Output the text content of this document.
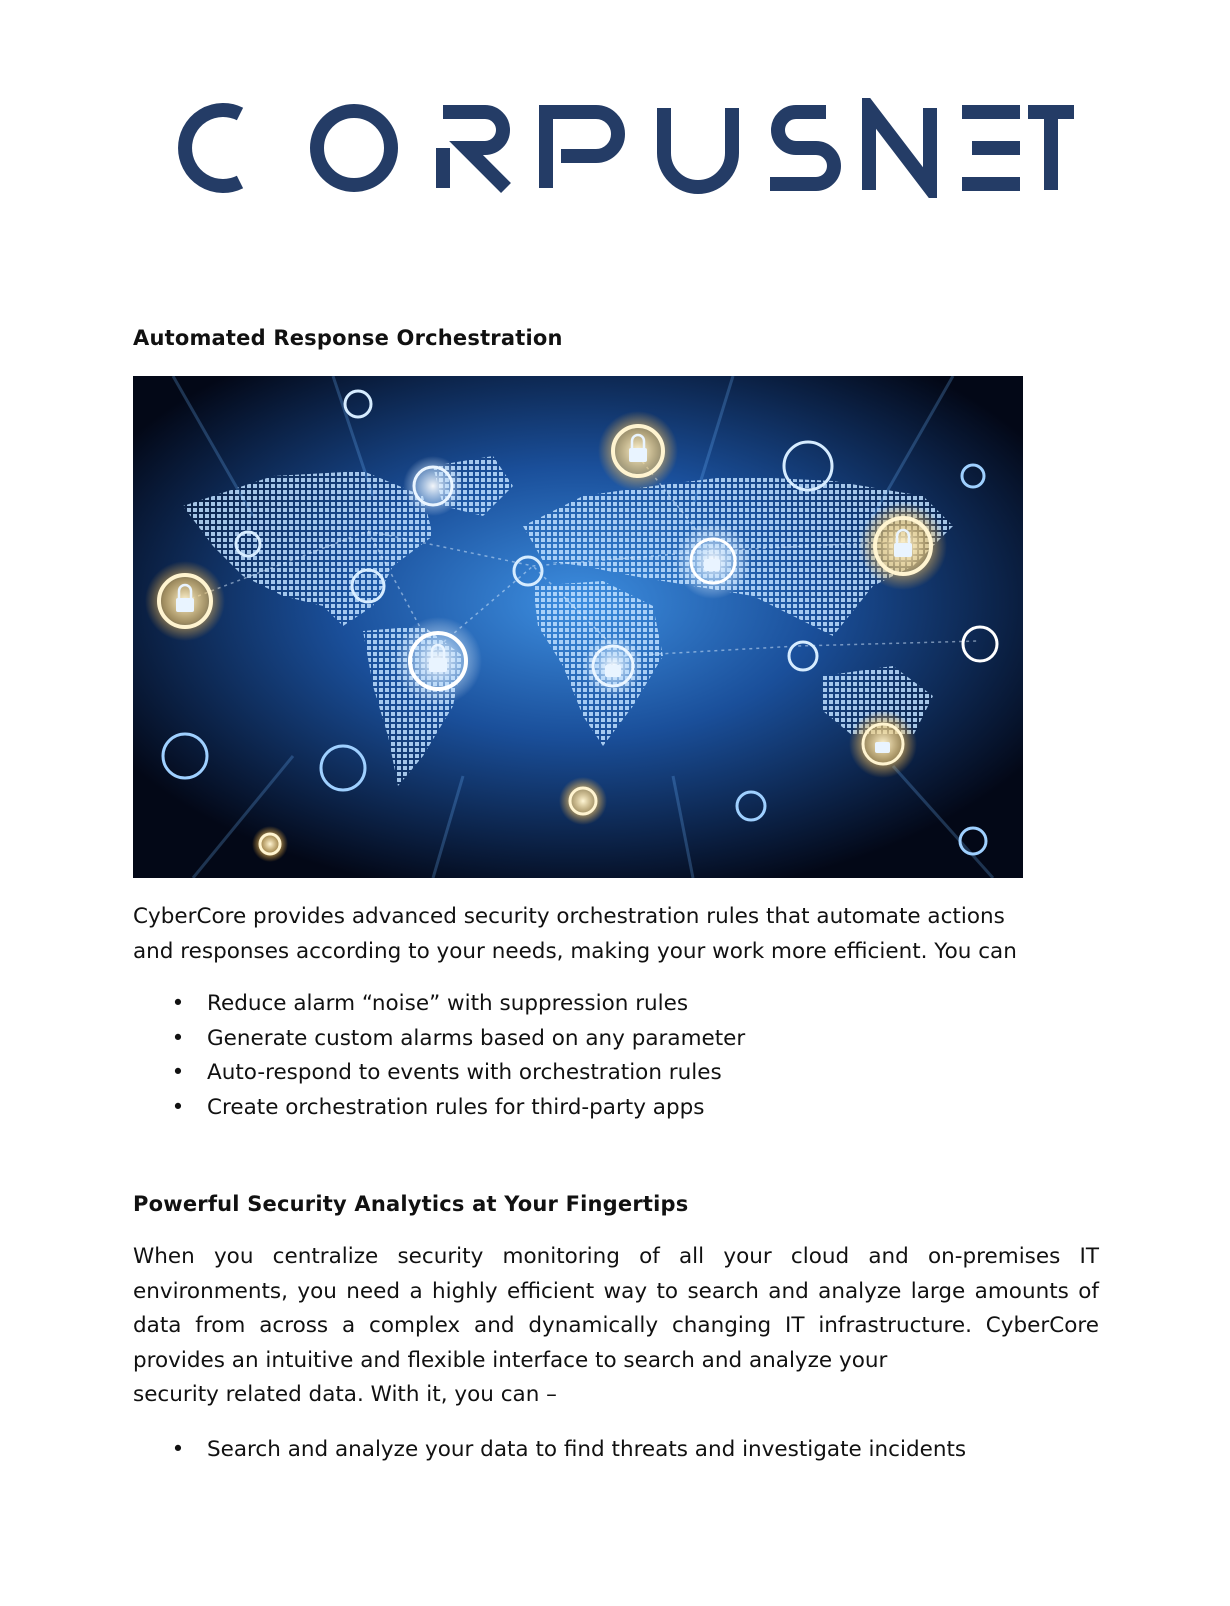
Automated Response Orchestration

CyberCore provides advanced security orchestration rules that automate actions
and responses according to your needs, making your work more efficient. You can

• Reduce alarm “noise” with suppression rules
• Generate custom alarms based on any parameter
• Auto-respond to events with orchestration rules
• Create orchestration rules for third-party apps
Powerful Security Analytics at Your Fingertips

When you centralize security monitoring of all your cloud and on-premises IT environments, you need a highly efficient way to search and analyze large amounts of data from across a complex and dynamically changing IT infrastructure. CyberCore provides an intuitive and flexible interface to search and analyze your
security related data. With it, you can –

• Search and analyze your data to find threats and investigate incidents
